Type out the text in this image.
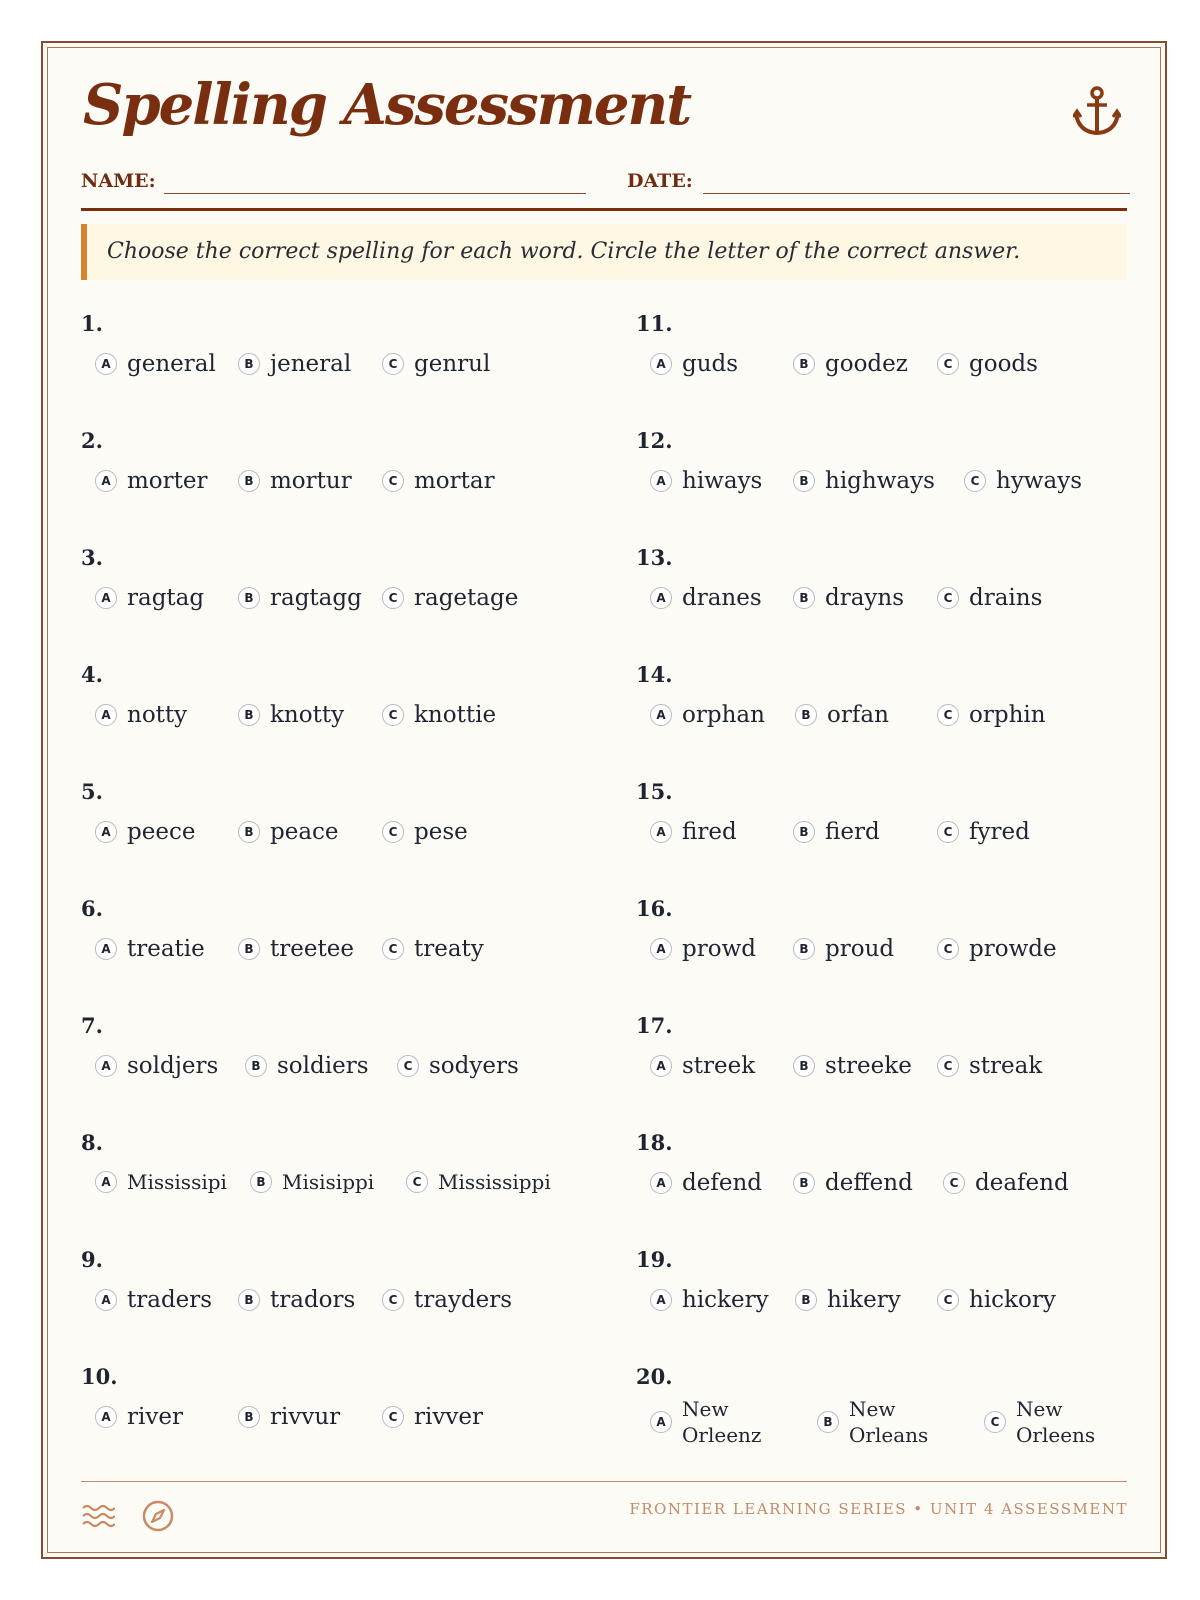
Spelling Assessment
NAME:	DATE:
Choose the correct spelling for each word. Circle the letter of the correct answer.
1.
A general	B jeneral	C genrul
2.
A morter	B mortur	C mortar
3.
A ragtag	B ragtagg	C ragetage
4.
A notty	B knotty	C knottie
5.
A peece	B peace	C pese
6.
A treatie	B treetee	C treaty
7.
A soldjers	B soldiers	C sodyers
8.
A Mississipi	B Misisippi	C Mississippi
9.
A traders	B tradors	C trayders
10.
A river	B rivvur	C rivver
11.
A guds	B goodez	C goods
12.
A hiways	B highways	C hyways
13.
A dranes	B drayns	C drains
14.
A orphan	B orfan	C orphin
15.
A fired	B fierd	C fyred
16.
A prowd	B proud	C prowde
17.
A streek	B streeke	C streak
18.
A defend	B deffend	C deafend
19.
A hickery	B hikery	C hickory
20.
A
New Orleenz
B
New Orleans
C
New Orleens
FRONTIER LEARNING SERIES • UNIT 4 ASSESSMENT
